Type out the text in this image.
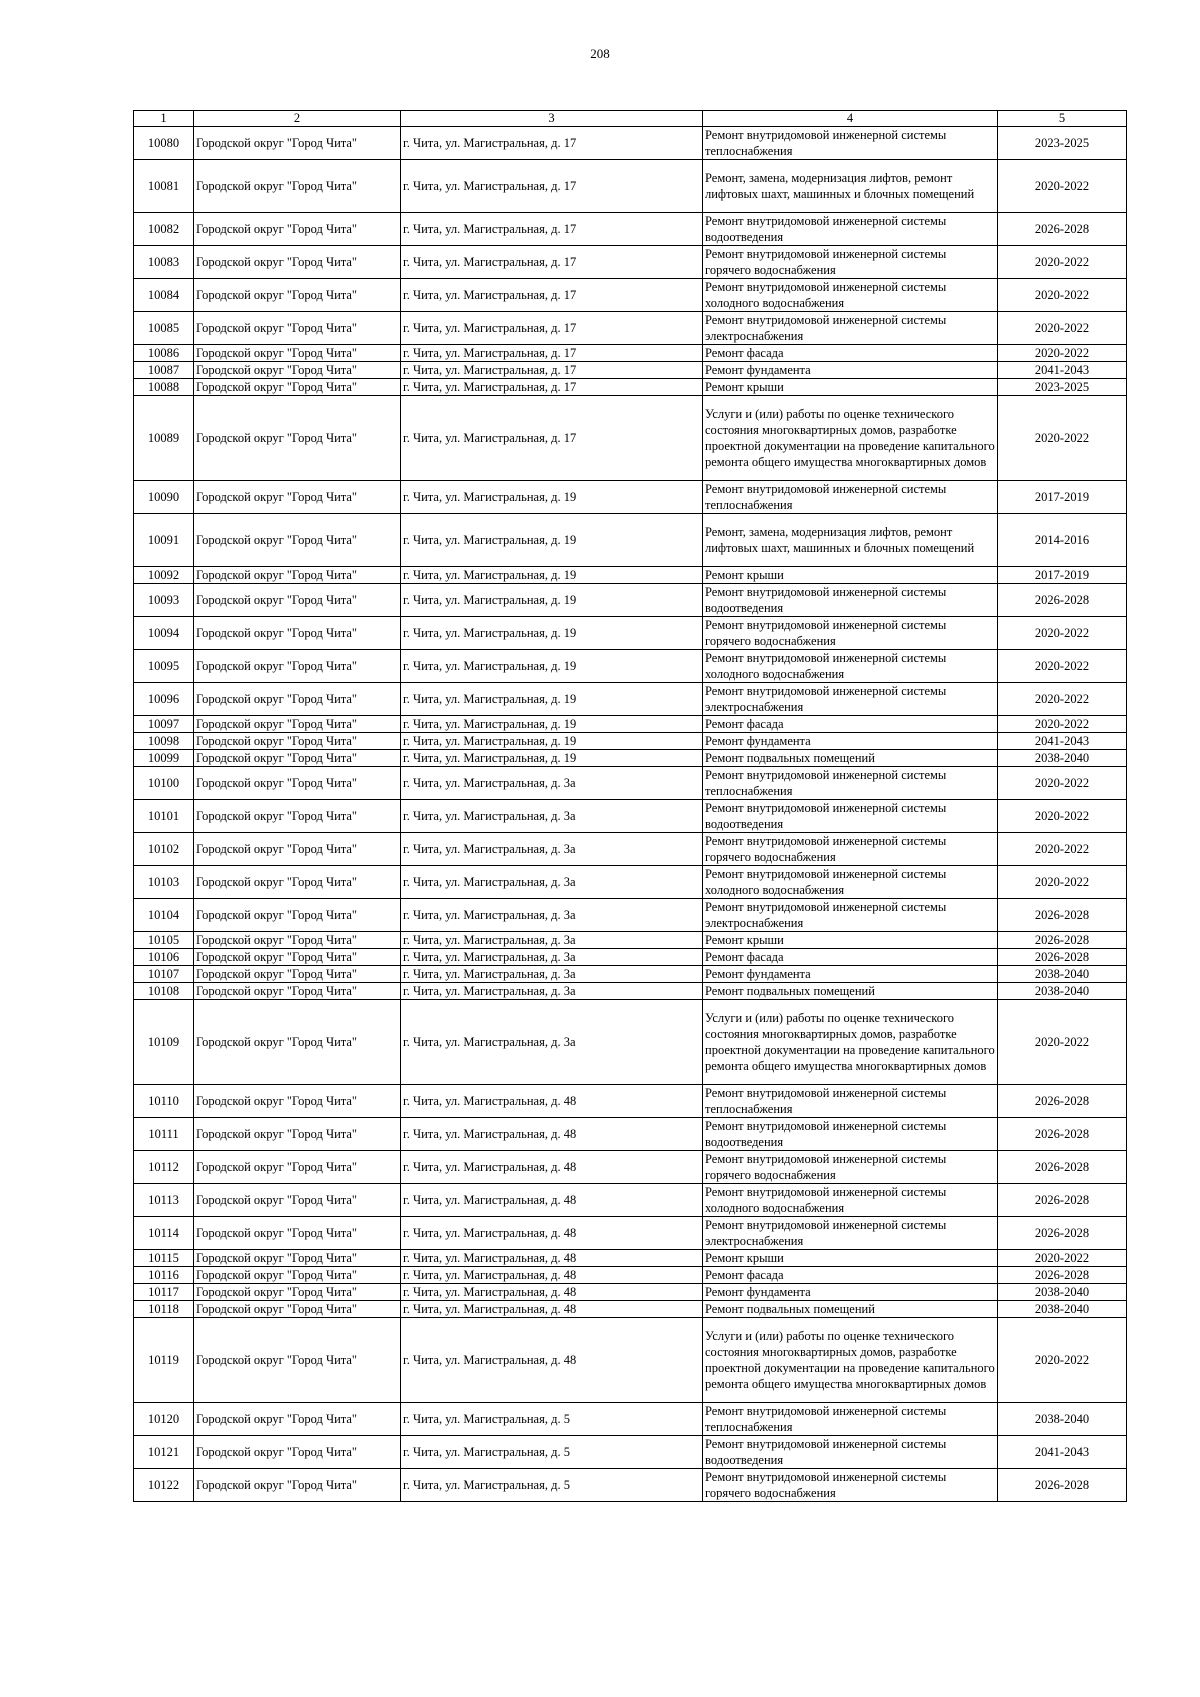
208
1	2	3	4	5
10080	Городской округ "Город Чита"	г. Чита, ул. Магистральная, д. 17	Ремонт внутридомовой инженерной системы теплоснабжения	2023-2025
10081	Городской округ "Город Чита"	г. Чита, ул. Магистральная, д. 17	Ремонт, замена, модернизация лифтов, ремонт лифтовых шахт, машинных и блочных помещений	2020-2022
10082	Городской округ "Город Чита"	г. Чита, ул. Магистральная, д. 17	Ремонт внутридомовой инженерной системы водоотведения	2026-2028
10083	Городской округ "Город Чита"	г. Чита, ул. Магистральная, д. 17	Ремонт внутридомовой инженерной системы горячего водоснабжения	2020-2022
10084	Городской округ "Город Чита"	г. Чита, ул. Магистральная, д. 17	Ремонт внутридомовой инженерной системы холодного водоснабжения	2020-2022
10085	Городской округ "Город Чита"	г. Чита, ул. Магистральная, д. 17	Ремонт внутридомовой инженерной системы электроснабжения	2020-2022
10086	Городской округ "Город Чита"	г. Чита, ул. Магистральная, д. 17	Ремонт фасада	2020-2022
10087	Городской округ "Город Чита"	г. Чита, ул. Магистральная, д. 17	Ремонт фундамента	2041-2043
10088	Городской округ "Город Чита"	г. Чита, ул. Магистральная, д. 17	Ремонт крыши	2023-2025
10089	Городской округ "Город Чита"	г. Чита, ул. Магистральная, д. 17	Услуги и (или) работы по оценке технического состояния многоквартирных домов, разработке проектной документации на проведение капитального ремонта общего имущества многоквартирных домов	2020-2022
10090	Городской округ "Город Чита"	г. Чита, ул. Магистральная, д. 19	Ремонт внутридомовой инженерной системы теплоснабжения	2017-2019
10091	Городской округ "Город Чита"	г. Чита, ул. Магистральная, д. 19	Ремонт, замена, модернизация лифтов, ремонт лифтовых шахт, машинных и блочных помещений	2014-2016
10092	Городской округ "Город Чита"	г. Чита, ул. Магистральная, д. 19	Ремонт крыши	2017-2019
10093	Городской округ "Город Чита"	г. Чита, ул. Магистральная, д. 19	Ремонт внутридомовой инженерной системы водоотведения	2026-2028
10094	Городской округ "Город Чита"	г. Чита, ул. Магистральная, д. 19	Ремонт внутридомовой инженерной системы горячего водоснабжения	2020-2022
10095	Городской округ "Город Чита"	г. Чита, ул. Магистральная, д. 19	Ремонт внутридомовой инженерной системы холодного водоснабжения	2020-2022
10096	Городской округ "Город Чита"	г. Чита, ул. Магистральная, д. 19	Ремонт внутридомовой инженерной системы электроснабжения	2020-2022
10097	Городской округ "Город Чита"	г. Чита, ул. Магистральная, д. 19	Ремонт фасада	2020-2022
10098	Городской округ "Город Чита"	г. Чита, ул. Магистральная, д. 19	Ремонт фундамента	2041-2043
10099	Городской округ "Город Чита"	г. Чита, ул. Магистральная, д. 19	Ремонт подвальных помещений	2038-2040
10100	Городской округ "Город Чита"	г. Чита, ул. Магистральная, д. 3а	Ремонт внутридомовой инженерной системы теплоснабжения	2020-2022
10101	Городской округ "Город Чита"	г. Чита, ул. Магистральная, д. 3а	Ремонт внутридомовой инженерной системы водоотведения	2020-2022
10102	Городской округ "Город Чита"	г. Чита, ул. Магистральная, д. 3а	Ремонт внутридомовой инженерной системы горячего водоснабжения	2020-2022
10103	Городской округ "Город Чита"	г. Чита, ул. Магистральная, д. 3а	Ремонт внутридомовой инженерной системы холодного водоснабжения	2020-2022
10104	Городской округ "Город Чита"	г. Чита, ул. Магистральная, д. 3а	Ремонт внутридомовой инженерной системы электроснабжения	2026-2028
10105	Городской округ "Город Чита"	г. Чита, ул. Магистральная, д. 3а	Ремонт крыши	2026-2028
10106	Городской округ "Город Чита"	г. Чита, ул. Магистральная, д. 3а	Ремонт фасада	2026-2028
10107	Городской округ "Город Чита"	г. Чита, ул. Магистральная, д. 3а	Ремонт фундамента	2038-2040
10108	Городской округ "Город Чита"	г. Чита, ул. Магистральная, д. 3а	Ремонт подвальных помещений	2038-2040
10109	Городской округ "Город Чита"	г. Чита, ул. Магистральная, д. 3а	Услуги и (или) работы по оценке технического состояния многоквартирных домов, разработке проектной документации на проведение капитального ремонта общего имущества многоквартирных домов	2020-2022
10110	Городской округ "Город Чита"	г. Чита, ул. Магистральная, д. 48	Ремонт внутридомовой инженерной системы теплоснабжения	2026-2028
10111	Городской округ "Город Чита"	г. Чита, ул. Магистральная, д. 48	Ремонт внутридомовой инженерной системы водоотведения	2026-2028
10112	Городской округ "Город Чита"	г. Чита, ул. Магистральная, д. 48	Ремонт внутридомовой инженерной системы горячего водоснабжения	2026-2028
10113	Городской округ "Город Чита"	г. Чита, ул. Магистральная, д. 48	Ремонт внутридомовой инженерной системы холодного водоснабжения	2026-2028
10114	Городской округ "Город Чита"	г. Чита, ул. Магистральная, д. 48	Ремонт внутридомовой инженерной системы электроснабжения	2026-2028
10115	Городской округ "Город Чита"	г. Чита, ул. Магистральная, д. 48	Ремонт крыши	2020-2022
10116	Городской округ "Город Чита"	г. Чита, ул. Магистральная, д. 48	Ремонт фасада	2026-2028
10117	Городской округ "Город Чита"	г. Чита, ул. Магистральная, д. 48	Ремонт фундамента	2038-2040
10118	Городской округ "Город Чита"	г. Чита, ул. Магистральная, д. 48	Ремонт подвальных помещений	2038-2040
10119	Городской округ "Город Чита"	г. Чита, ул. Магистральная, д. 48	Услуги и (или) работы по оценке технического состояния многоквартирных домов, разработке проектной документации на проведение капитального ремонта общего имущества многоквартирных домов	2020-2022
10120	Городской округ "Город Чита"	г. Чита, ул. Магистральная, д. 5	Ремонт внутридомовой инженерной системы теплоснабжения	2038-2040
10121	Городской округ "Город Чита"	г. Чита, ул. Магистральная, д. 5	Ремонт внутридомовой инженерной системы водоотведения	2041-2043
10122	Городской округ "Город Чита"	г. Чита, ул. Магистральная, д. 5	Ремонт внутридомовой инженерной системы горячего водоснабжения	2026-2028
